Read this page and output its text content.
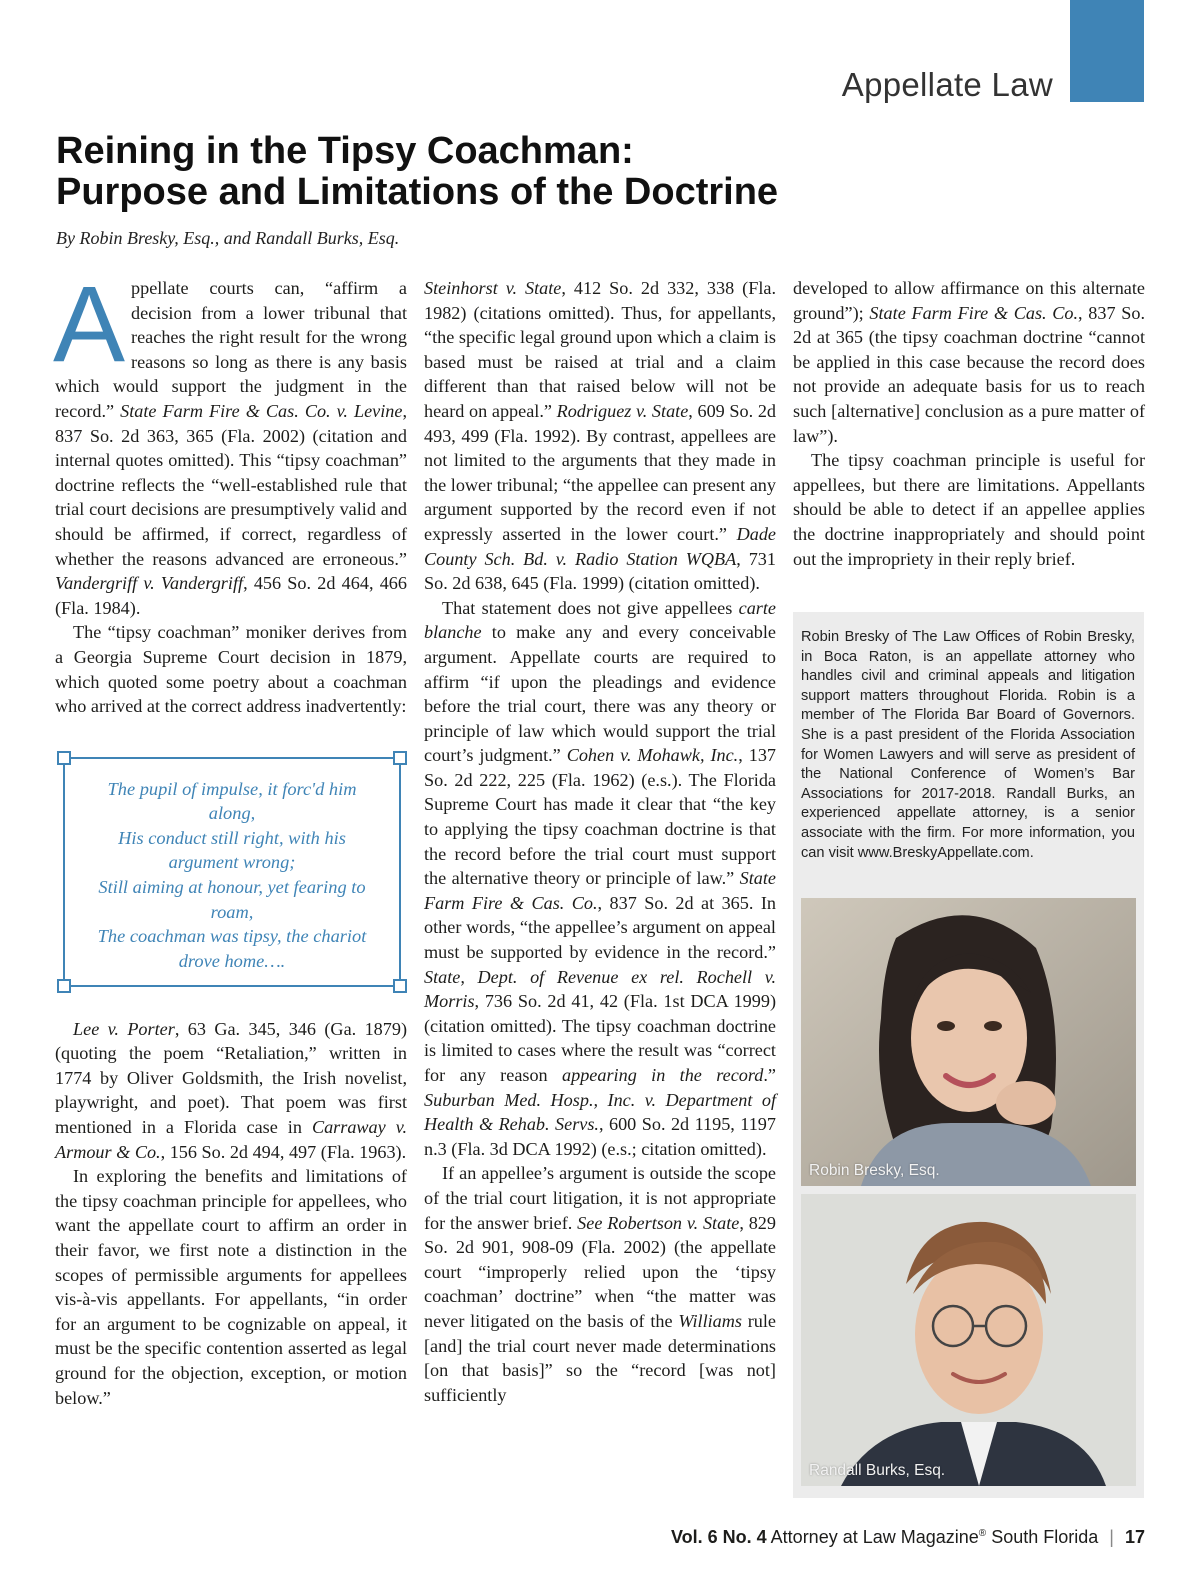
Appellate Law
Reining in the Tipsy Coachman:
Purpose and Limitations of the Doctrine
By Robin Bresky, Esq., and Randall Burks, Esq.

Appellate courts can, “affirm a decision from a lower tribunal that reaches the right result for the wrong reasons so long as there is any basis which would support the judgment in the record.” State Farm Fire & Cas. Co. v. Levine, 837 So. 2d 363, 365 (Fla. 2002) (citation and internal quotes omitted). This “tipsy coachman” doctrine reflects the “well-established rule that trial court decisions are presumptively valid and should be affirmed, if correct, regardless of whether the reasons advanced are erroneous.” Vandergriff v. Vandergriff, 456 So. 2d 464, 466 (Fla. 1984).

The “tipsy coachman” moniker derives from a Georgia Supreme Court decision in 1879, which quoted some poetry about a coachman who arrived at the correct address inadvertently:

The pupil of impulse, it forc'd him along,
His conduct still right, with his argument wrong;
Still aiming at honour, yet fearing to roam,
The coachman was tipsy, the chariot drove home….

Lee v. Porter, 63 Ga. 345, 346 (Ga. 1879) (quoting the poem “Retaliation,” written in 1774 by Oliver Goldsmith, the Irish novelist, playwright, and poet). That poem was first mentioned in a Florida case in Carraway v. Armour & Co., 156 So. 2d 494, 497 (Fla. 1963).

In exploring the benefits and limitations of the tipsy coachman principle for appellees, who want the appellate court to affirm an order in their favor, we first note a distinction in the scopes of permissible arguments for appellees vis-à-vis appellants. For appellants, “in order for an argument to be cognizable on appeal, it must be the specific contention asserted as legal ground for the objection, exception, or motion below.”

Steinhorst v. State, 412 So. 2d 332, 338 (Fla. 1982) (citations omitted). Thus, for appellants, “the specific legal ground upon which a claim is based must be raised at trial and a claim different than that raised below will not be heard on appeal.” Rodriguez v. State, 609 So. 2d 493, 499 (Fla. 1992). By contrast, appellees are not limited to the arguments that they made in the lower tribunal; “the appellee can present any argument supported by the record even if not expressly asserted in the lower court.” Dade County Sch. Bd. v. Radio Station WQBA, 731 So. 2d 638, 645 (Fla. 1999) (citation omitted).

That statement does not give appellees carte blanche to make any and every conceivable argument. Appellate courts are required to affirm “if upon the pleadings and evidence before the trial court, there was any theory or principle of law which would support the trial court’s judgment.” Cohen v. Mohawk, Inc., 137 So. 2d 222, 225 (Fla. 1962) (e.s.). The Florida Supreme Court has made it clear that “the key to applying the tipsy coachman doctrine is that the record before the trial court must support the alternative theory or principle of law.” State Farm Fire & Cas. Co., 837 So. 2d at 365. In other words, “the appellee’s argument on appeal must be supported by evidence in the record.” State, Dept. of Revenue ex rel. Rochell v. Morris, 736 So. 2d 41, 42 (Fla. 1st DCA 1999) (citation omitted). The tipsy coachman doctrine is limited to cases where the result was “correct for any reason appearing in the record.” Suburban Med. Hosp., Inc. v. Department of Health & Rehab. Servs., 600 So. 2d 1195, 1197 n.3 (Fla. 3d DCA 1992) (e.s.; citation omitted).

If an appellee’s argument is outside the scope of the trial court litigation, it is not appropriate for the answer brief. See Robertson v. State, 829 So. 2d 901, 908-09 (Fla. 2002) (the appellate court “improperly relied upon the ‘tipsy coachman’ doctrine” when “the matter was never litigated on the basis of the Williams rule [and] the trial court never made determinations [on that basis]” so the “record [was not] sufficiently

developed to allow affirmance on this alternate ground”); State Farm Fire & Cas. Co., 837 So. 2d at 365 (the tipsy coachman doctrine “cannot be applied in this case because the record does not provide an adequate basis for us to reach such [alternative] conclusion as a pure matter of law”).

The tipsy coachman principle is useful for appellees, but there are limitations. Appellants should be able to detect if an appellee applies the doctrine inappropriately and should point out the impropriety in their reply brief.

Robin Bresky of The Law Offices of Robin Bresky, in Boca Raton, is an appellate attorney who handles civil and criminal appeals and litigation support matters throughout Florida. Robin is a member of The Florida Bar Board of Governors. She is a past president of the Florida Association for Women Lawyers and will serve as president of the National Conference of Women’s Bar Associations for 2017-2018. Randall Burks, an experienced appellate attorney, is a senior associate with the firm. For more information, you can visit www.BreskyAppellate.com.
Robin Bresky, Esq.
Randall Burks, Esq.
Vol. 6 No. 4 Attorney at Law Magazine® South Florida | 17
